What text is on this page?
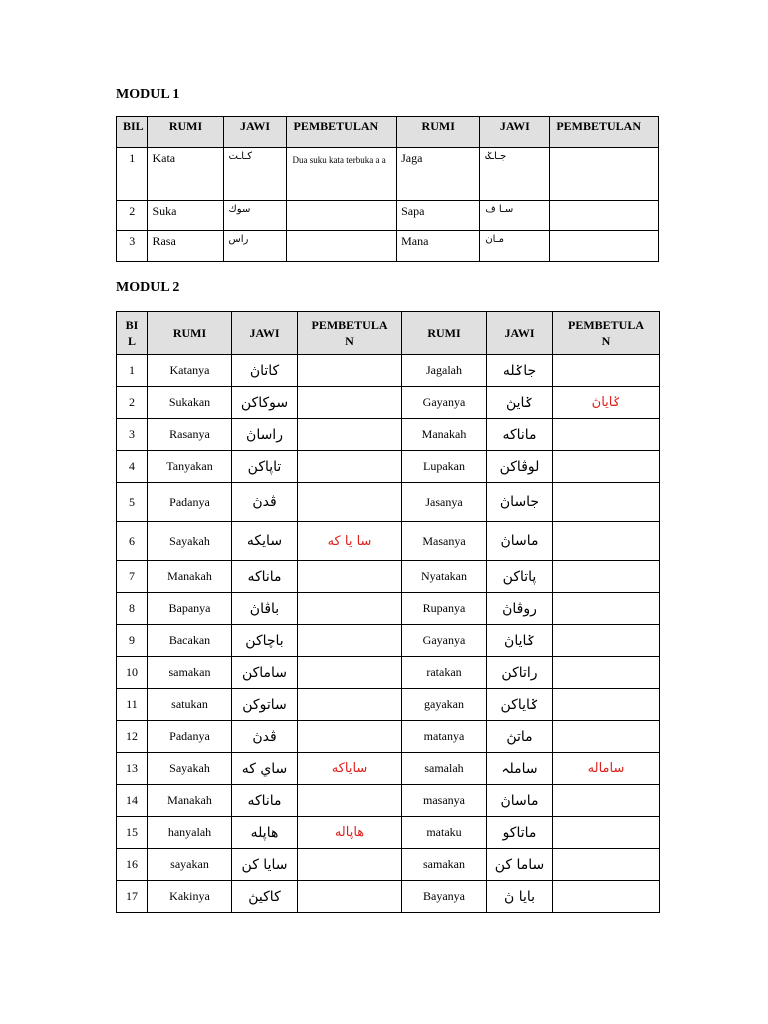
MODUL 1
BIL	RUMI	JAWI	PEMBETULAN	RUMI	JAWI	PEMBETULAN
1	Kata	كـاـت	Dua suku kata terbuka a a	Jaga	جـاـݢ	
2	Suka	سوك		Sapa	سـا ف	
3	Rasa	راس		Mana	مـان	
MODUL 2
BIL	RUMI	JAWI	PEMBETULAN	RUMI	JAWI	PEMBETULAN
1	Katanya	كاتاڽ		Jagalah	جاݢله	
2	Sukakan	سوكاكن		Gayanya	ݢايڽ	ݢاياڽ
3	Rasanya	راساڽ		Manakah	ماناكه	
4	Tanyakan	تاڽاكن		Lupakan	لوڤاكن	
5	Padanya	ڤدڽ		Jasanya	جاساڽ	
6	Sayakah	سايكه	سا يا كه	Masanya	ماساڽ	
7	Manakah	ماناكه		Nyatakan	ڽاتاكن	
8	Bapanya	باڤاڽ		Rupanya	روڤاڽ	
9	Bacakan	باچاكن		Gayanya	ݢاياڽ	
10	samakan	ساماكن		ratakan	راتاكن	
11	satukan	ساتوكن		gayakan	ݢاياكن	
12	Padanya	ڤدڽ		matanya	ماتڽ	
13	Sayakah	ساي كه	ساياكه	samalah	ساملہ	ساماله
14	Manakah	ماناكه		masanya	ماساڽ	
15	hanyalah	هاڽله	هاڽاله	mataku	ماتاكو	
16	sayakan	سايا كن		samakan	ساما كن	
17	Kakinya	كاكيڽ		Bayanya	بايا ڽ	
